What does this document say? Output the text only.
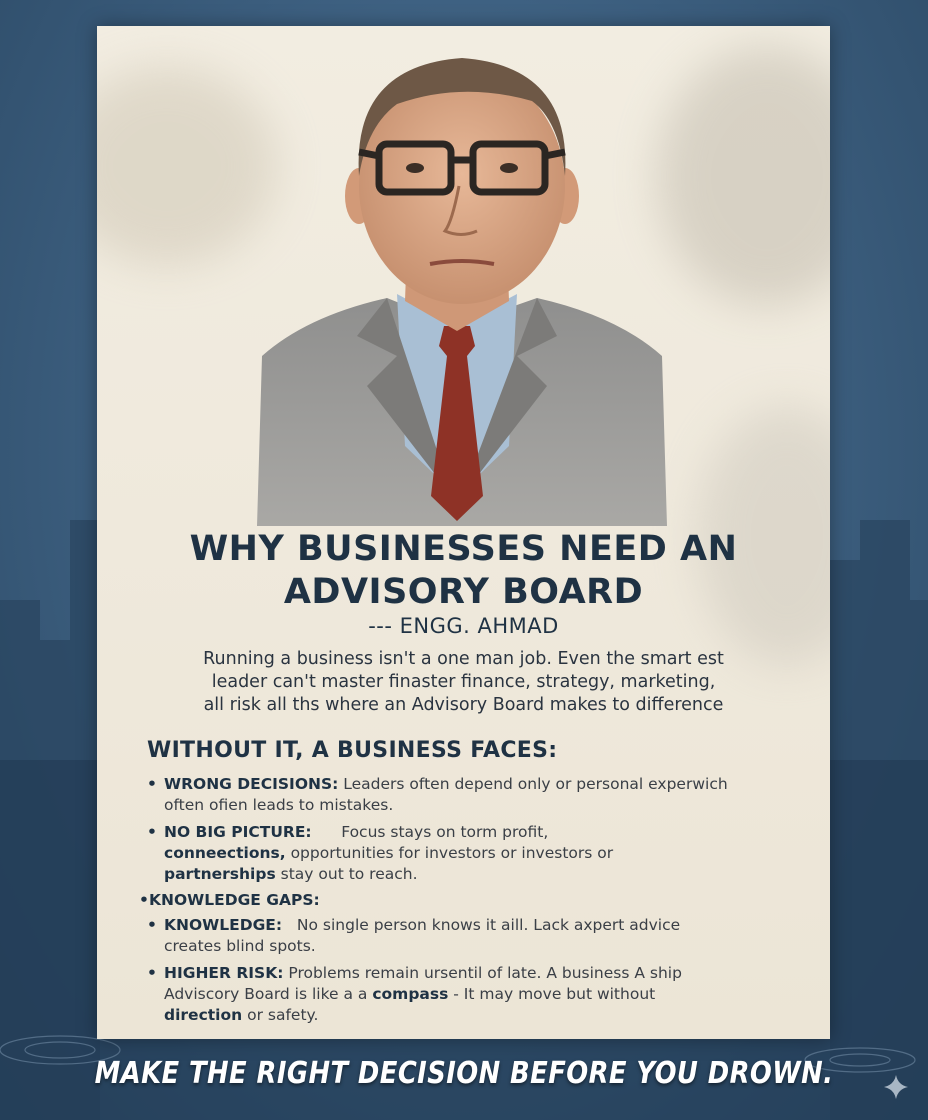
WHY BUSINESSES NEED AN
ADVISORY BOARD
--- ENGG. AHMAD
Running a business isn't a one man job. Even the smart est
leader can't master finaster finance, strategy, marketing,
all risk all ths where an Advisory Board makes to difference
WITHOUT IT, A BUSINESS FACES:
• WRONG DECISIONS: Leaders often depend only or personal experwich
often ofien leads to mistakes.
• NO BIG PICTURE:      Focus stays on torm profit,
conneections, opportunities for investors or investors or
partnerships stay out to reach.
• KNOWLEDGE GAPS:
• KNOWLEDGE:   No single person knows it aill. Lack axpert advice
creates blind spots.
• HIGHER RISK: Problems remain ursentil of late. A business A ship
Adviscory Board is like a a compass - It may move but without
direction or safety.
MAKE THE RIGHT DECISION BEFORE YOU DROWN.
